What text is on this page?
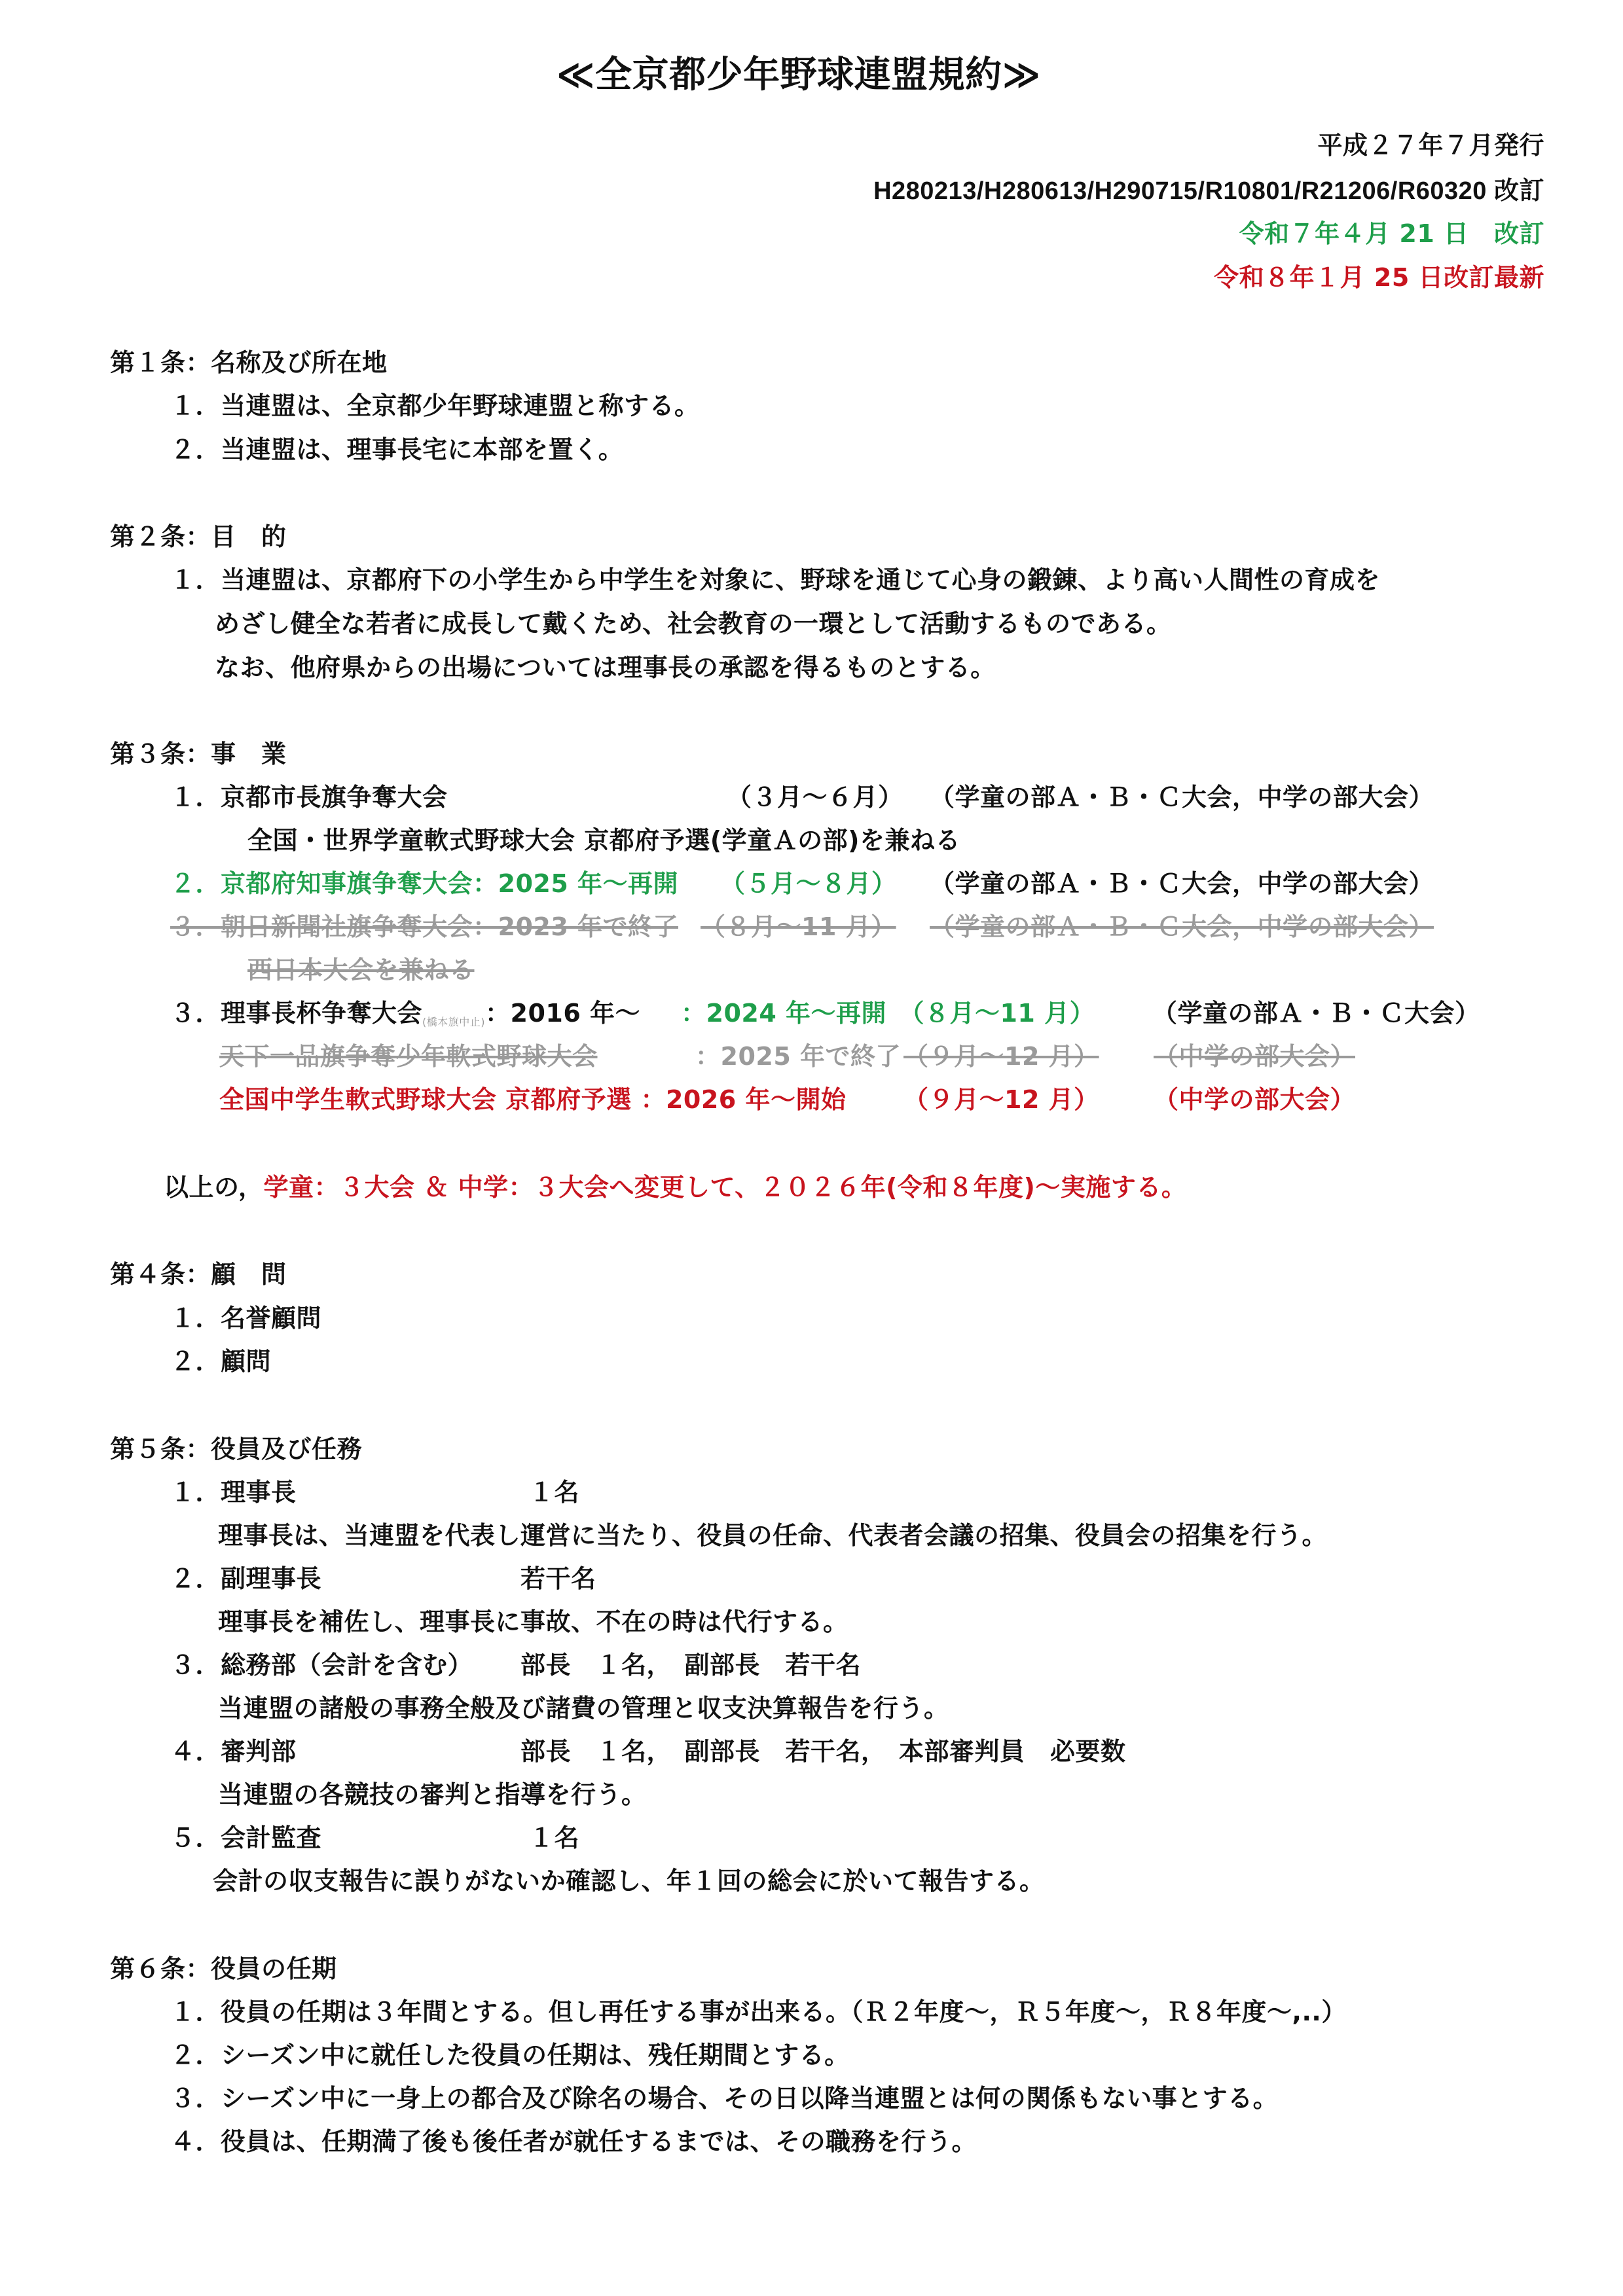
≪全京都少年野球連盟規約≫
平成２７年７月発行
H280213/H280613/H290715/R10801/R21206/R60320 改訂
令和７年４月 21 日　改訂
令和８年１月 25 日改訂最新
第１条：名称及び所在地
１．当連盟は、全京都少年野球連盟と称する。
２．当連盟は、理事長宅に本部を置く。
第２条：目　的
１．当連盟は、京都府下の小学生から中学生を対象に、野球を通じて心身の鍛錬、より高い人間性の育成を
めざし健全な若者に成長して戴くため、社会教育の一環として活動するものである。
なお、他府県からの出場については理事長の承認を得るものとする。
第３条：事　業
１．京都市長旗争奪大会	（３月～６月） （学童の部Ａ・Ｂ・Ｃ大会，中学の部大会）
全国・世界学童軟式野球大会 京都府予選(学童Ａの部)を兼ねる
２．京都府知事旗争奪大会：2025 年～再開 （５月～８月） （学童の部Ａ・Ｂ・Ｃ大会，中学の部大会）
３．朝日新聞社旗争奪大会：2023 年で終了 （８月～11 月） （学童の部Ａ・Ｂ・Ｃ大会，中学の部大会）
西日本大会を兼ねる
３．理事長杯争奪大会(橋本旗中止)：2016 年～ ：2024 年～再開　（８月～11 月） （学童の部Ａ・Ｂ・Ｃ大会）
天下一品旗争奪少年軟式野球大会	：2025 年で終了 （９月～12 月） （中学の部大会）
全国中学生軟式野球大会 京都府予選 ：2026 年～開始 （９月～12 月） （中学の部大会）
以上の，学童：３大会 ＆ 中学：３大会へ変更して、２０２６年(令和８年度)～実施する。
第４条：顧　問
１．名誉顧問
２．顧問
第５条：役員及び任務
１．理事長	１名
理事長は、当連盟を代表し運営に当たり、役員の任命、代表者会議の招集、役員会の招集を行う。
２．副理事長	若干名
理事長を補佐し、理事長に事故、不在の時は代行する。
３．総務部（会計を含む） 部長　１名，　副部長　若干名
当連盟の諸般の事務全般及び諸費の管理と収支決算報告を行う。
４．審判部	部長　１名，　副部長　若干名，　本部審判員　必要数
当連盟の各競技の審判と指導を行う。
５．会計監査	１名
会計の収支報告に誤りがないか確認し、年１回の総会に於いて報告する。
第６条：役員の任期
１．役員の任期は３年間とする。但し再任する事が出来る。（Ｒ２年度～，Ｒ５年度～，Ｒ８年度～,..）
２．シーズン中に就任した役員の任期は、残任期間とする。
３．シーズン中に一身上の都合及び除名の場合、その日以降当連盟とは何の関係もない事とする。
４．役員は、任期満了後も後任者が就任するまでは、その職務を行う。
